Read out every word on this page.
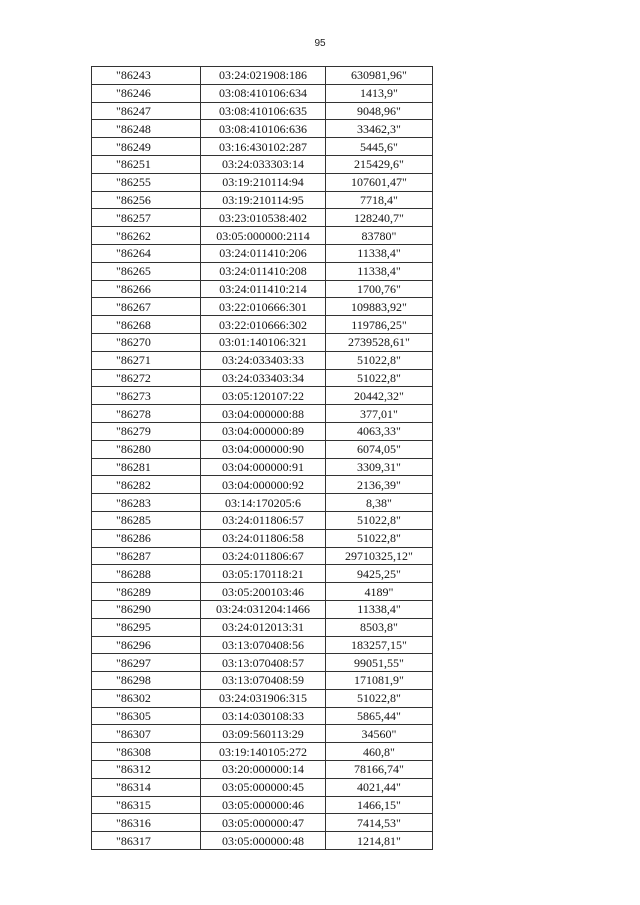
95
"86243	03:24:021908:186	630981,96"
"86246	03:08:410106:634	1413,9"
"86247	03:08:410106:635	9048,96"
"86248	03:08:410106:636	33462,3"
"86249	03:16:430102:287	5445,6"
"86251	03:24:033303:14	215429,6"
"86255	03:19:210114:94	107601,47"
"86256	03:19:210114:95	7718,4"
"86257	03:23:010538:402	128240,7"
"86262	03:05:000000:2114	83780"
"86264	03:24:011410:206	11338,4"
"86265	03:24:011410:208	11338,4"
"86266	03:24:011410:214	1700,76"
"86267	03:22:010666:301	109883,92"
"86268	03:22:010666:302	119786,25"
"86270	03:01:140106:321	2739528,61"
"86271	03:24:033403:33	51022,8"
"86272	03:24:033403:34	51022,8"
"86273	03:05:120107:22	20442,32"
"86278	03:04:000000:88	377,01"
"86279	03:04:000000:89	4063,33"
"86280	03:04:000000:90	6074,05"
"86281	03:04:000000:91	3309,31"
"86282	03:04:000000:92	2136,39"
"86283	03:14:170205:6	8,38"
"86285	03:24:011806:57	51022,8"
"86286	03:24:011806:58	51022,8"
"86287	03:24:011806:67	29710325,12"
"86288	03:05:170118:21	9425,25"
"86289	03:05:200103:46	4189"
"86290	03:24:031204:1466	11338,4"
"86295	03:24:012013:31	8503,8"
"86296	03:13:070408:56	183257,15"
"86297	03:13:070408:57	99051,55"
"86298	03:13:070408:59	171081,9"
"86302	03:24:031906:315	51022,8"
"86305	03:14:030108:33	5865,44"
"86307	03:09:560113:29	34560"
"86308	03:19:140105:272	460,8"
"86312	03:20:000000:14	78166,74"
"86314	03:05:000000:45	4021,44"
"86315	03:05:000000:46	1466,15"
"86316	03:05:000000:47	7414,53"
"86317	03:05:000000:48	1214,81"
